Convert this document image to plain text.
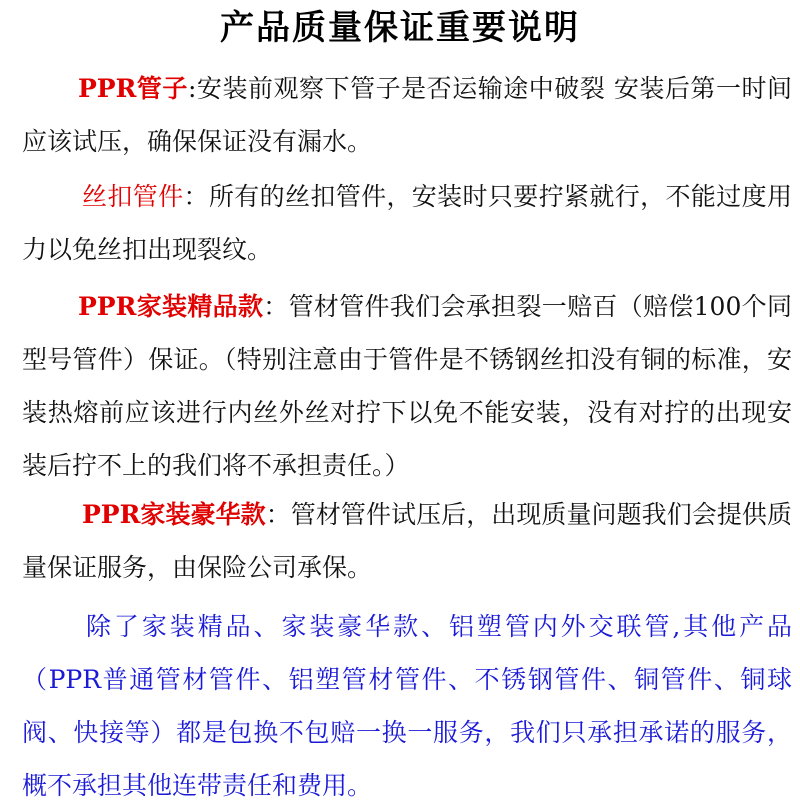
产品质量保证重要说明
PPR管子:安装前观察下管子是否运输途中破裂 安装后第一时间应该试压，确保保证没有漏水。
丝扣管件：所有的丝扣管件，安装时只要拧紧就行，不能过度用力以免丝扣出现裂纹。
PPR家装精品款：管材管件我们会承担裂一赔百（赔偿100个同型号管件）保证。（特别注意由于管件是不锈钢丝扣没有铜的标准，安装热熔前应该进行内丝外丝对拧下以免不能安装，没有对拧的出现安装后拧不上的我们将不承担责任。）
PPR家装豪华款：管材管件试压后，出现质量问题我们会提供质量保证服务，由保险公司承保。
除了家装精品、家装豪华款、铝塑管内外交联管,其他产品（PPR普通管材管件、铝塑管材管件、不锈钢管件、铜管件、铜球阀、快接等）都是包换不包赔一换一服务，我们只承担承诺的服务，概不承担其他连带责任和费用。
